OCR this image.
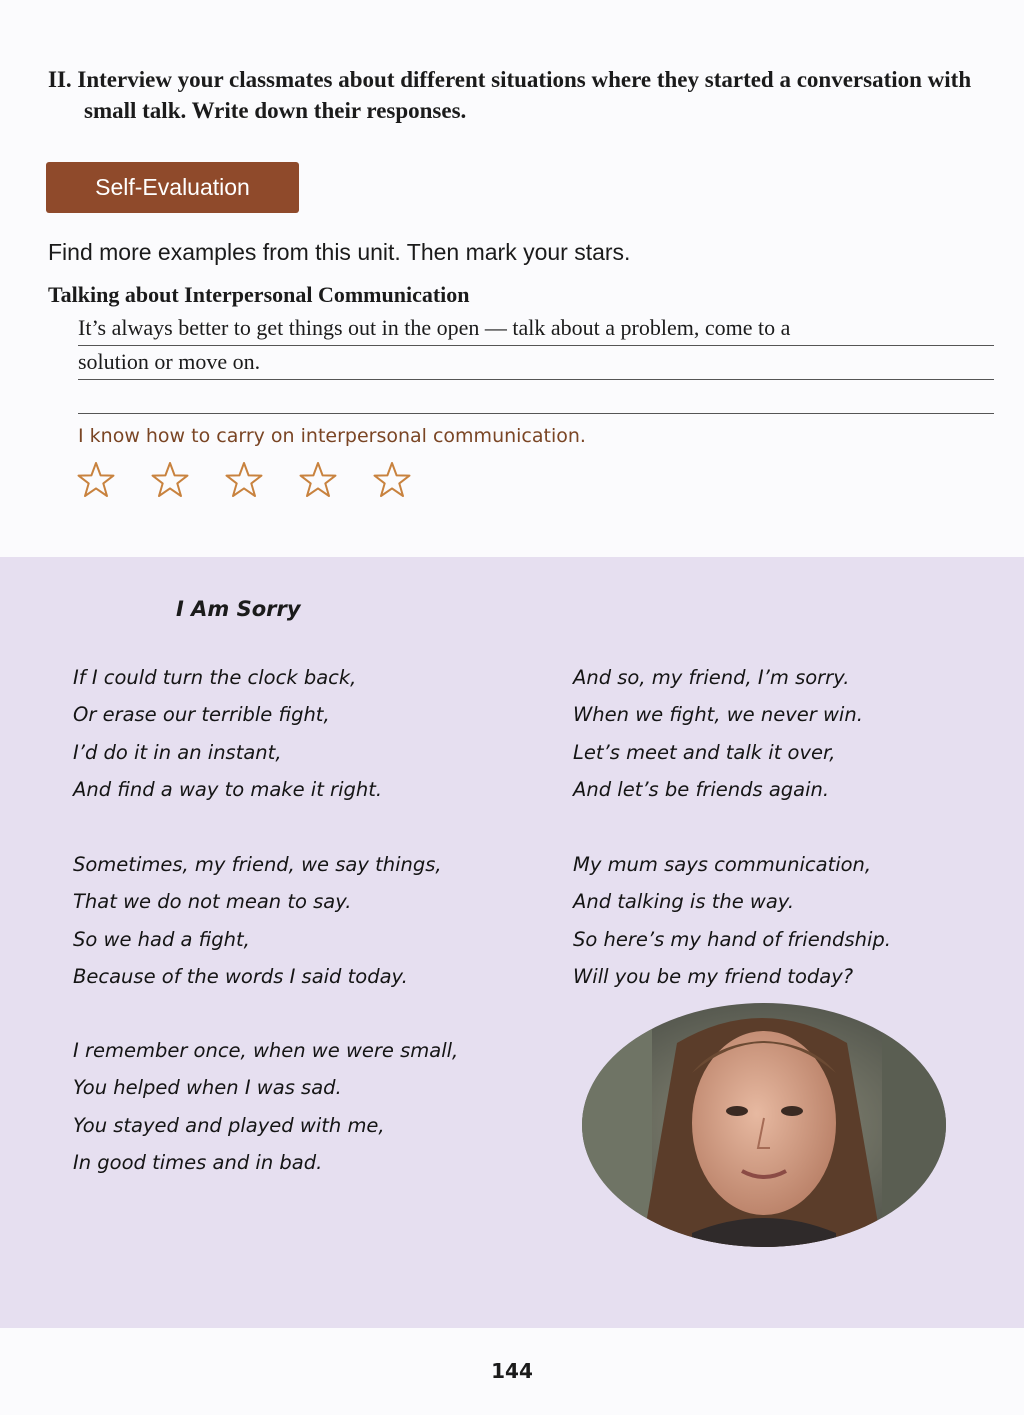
II. Interview your classmates about different situations where they started a conversation with small talk. Write down their responses.
Self-Evaluation
Find more examples from this unit. Then mark your stars.
Talking about Interpersonal Communication
It’s always better to get things out in the open — talk about a problem, come to a
solution or move on.
I know how to carry on interpersonal communication.
I Am Sorry
If I could turn the clock back,
Or erase our terrible fight,
I’d do it in an instant,
And find a way to make it right.
Sometimes, my friend, we say things,
That we do not mean to say.
So we had a fight,
Because of the words I said today.
I remember once, when we were small,
You helped when I was sad.
You stayed and played with me,
In good times and in bad.
And so, my friend, I’m sorry.
When we fight, we never win.
Let’s meet and talk it over,
And let’s be friends again.
My mum says communication,
And talking is the way.
So here’s my hand of friendship.
Will you be my friend today?
144
